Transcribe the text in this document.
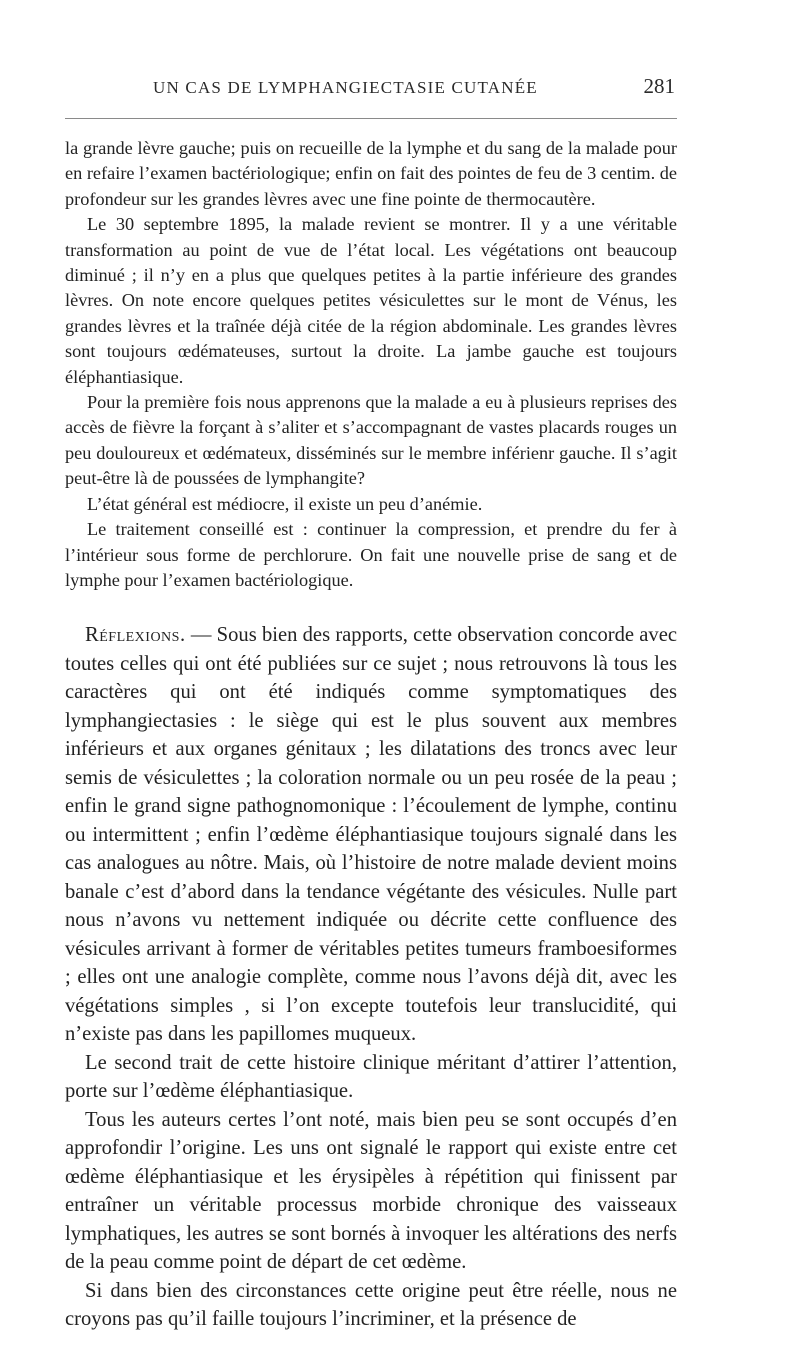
UN CAS DE LYMPHANGIECTASIE CUTANÉE	281

la grande lèvre gauche; puis on recueille de la lymphe et du sang de la malade pour en refaire l’examen bactériologique; enfin on fait des pointes de feu de 3 centim. de profondeur sur les grandes lèvres avec une fine pointe de thermocautère.

Le 30 septembre 1895, la malade revient se montrer. Il y a une véritable transformation au point de vue de l’état local. Les végétations ont beaucoup diminué ; il n’y en a plus que quelques petites à la partie inférieure des grandes lèvres. On note encore quelques petites vésiculettes sur le mont de Vénus, les grandes lèvres et la traînée déjà citée de la région abdominale. Les grandes lèvres sont toujours œdémateuses, surtout la droite. La jambe gauche est toujours éléphantiasique.

Pour la première fois nous apprenons que la malade a eu à plusieurs reprises des accès de fièvre la forçant à s’aliter et s’accompagnant de vastes placards rouges un peu douloureux et œdémateux, disséminés sur le membre inférienr gauche. Il s’agit peut-être là de poussées de lymphangite?

L’état général est médiocre, il existe un peu d’anémie.

Le traitement conseillé est : continuer la compression, et prendre du fer à l’intérieur sous forme de perchlorure. On fait une nouvelle prise de sang et de lymphe pour l’examen bactériologique.

Réflexions. — Sous bien des rapports, cette observation concorde avec toutes celles qui ont été publiées sur ce sujet ; nous retrouvons là tous les caractères qui ont été indiqués comme symptomatiques des lymphangiectasies : le siège qui est le plus souvent aux membres inférieurs et aux organes génitaux ; les dilatations des troncs avec leur semis de vésiculettes ; la coloration normale ou un peu rosée de la peau ; enfin le grand signe pathognomonique : l’écoulement de lymphe, continu ou intermittent ; enfin l’œdème éléphantiasique toujours signalé dans les cas analogues au nôtre. Mais, où l’histoire de notre malade devient moins banale c’est d’abord dans la tendance végétante des vésicules. Nulle part nous n’avons vu nettement indiquée ou décrite cette confluence des vésicules arrivant à former de véritables petites tumeurs framboesiformes ; elles ont une analogie complète, comme nous l’avons déjà dit, avec les végétations simples , si l’on excepte toutefois leur translucidité, qui n’existe pas dans les papillomes muqueux.

Le second trait de cette histoire clinique méritant d’attirer l’attention, porte sur l’œdème éléphantiasique.

Tous les auteurs certes l’ont noté, mais bien peu se sont occupés d’en approfondir l’origine. Les uns ont signalé le rapport qui existe entre cet œdème éléphantiasique et les érysipèles à répétition qui finissent par entraîner un véritable processus morbide chronique des vaisseaux lymphatiques, les autres se sont bornés à invoquer les altérations des nerfs de la peau comme point de départ de cet œdème.

Si dans bien des circonstances cette origine peut être réelle, nous ne croyons pas qu’il faille toujours l’incriminer, et la présence de
